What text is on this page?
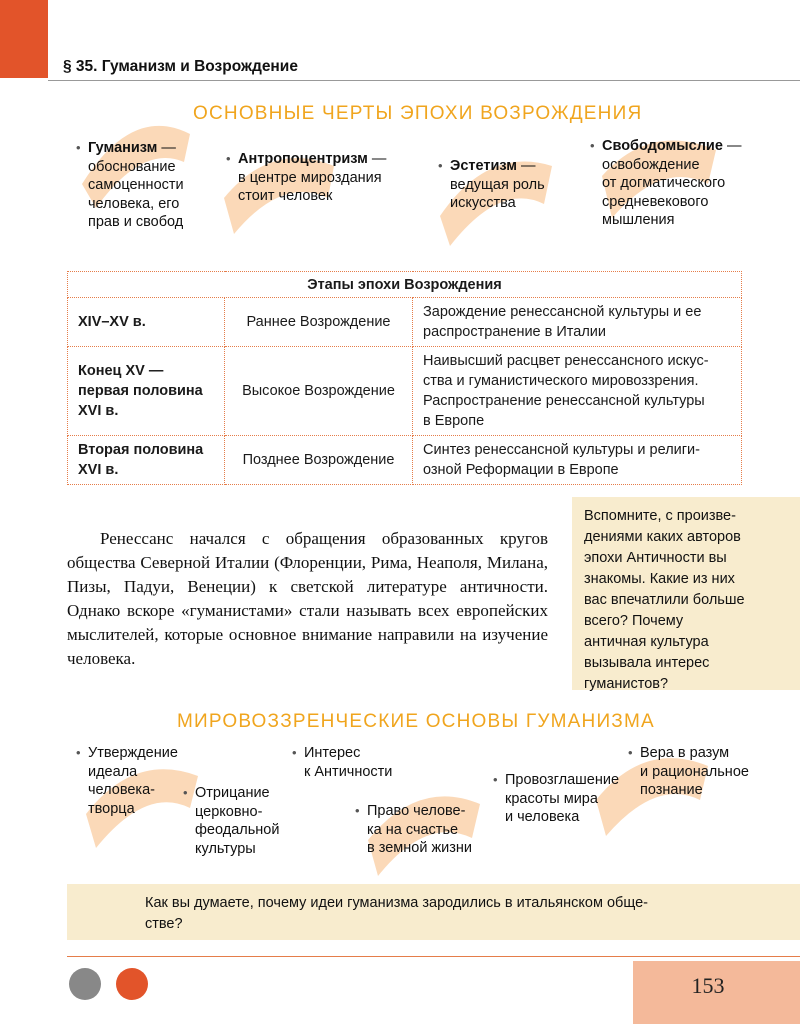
§ 35. Гуманизм и Возрождение
ОСНОВНЫЕ ЧЕРТЫ ЭПОХИ ВОЗРОЖДЕНИЯ
• Гуманизм —
обоснование
самоценности
человека, его
прав и свобод
• Антропоцентризм —
в центре мироздания
стоит человек
• Эстетизм —
ведущая роль
искусства
• Свободомыслие —
освобождение
от догматического
средневекового
мышления
Этапы эпохи Возрождения		
XIV–XV в.	Раннее Возрождение	Зарождение ренессансной культуры и ее
распространение в Италии
Конец XV —
первая половина
XVI в.	Высокое Возрождение	Наивысший расцвет ренессансного искус-
ства и гуманистического мировоззрения.
Распространение ренессансной культуры
в Европе
Вторая половина
XVI в.	Позднее Возрождение	Синтез ренессансной культуры и религи-
озной Реформации в Европе

Ренессанс начался с обращения образованных кругов общества Северной Италии (Флоренции, Рима, Неаполя, Милана, Пизы, Падуи, Венеции) к светской литературе античности. Однако вскоре «гуманистами» стали называть всех европейских мыслителей, которые основное внимание направили на изучение человека.

Вспомните, с произве-
дениями каких авторов
эпохи Античности вы
знакомы. Какие из них
вас впечатлили больше
всего? Почему
античная культура
вызывала интерес
гуманистов?
МИРОВОЗЗРЕНЧЕСКИЕ ОСНОВЫ ГУМАНИЗМА
• Утверждение
идеала
человека-
творца
• Отрицание
церковно-
феодальной
культуры
• Интерес
к Античности
• Право челове-
ка на счастье
в земной жизни
• Провозглашение
красоты мира
и человека
• Вера в разум
и рациональное
познание
Как вы думаете, почему идеи гуманизма зародились в итальянском обще-
стве?
153
